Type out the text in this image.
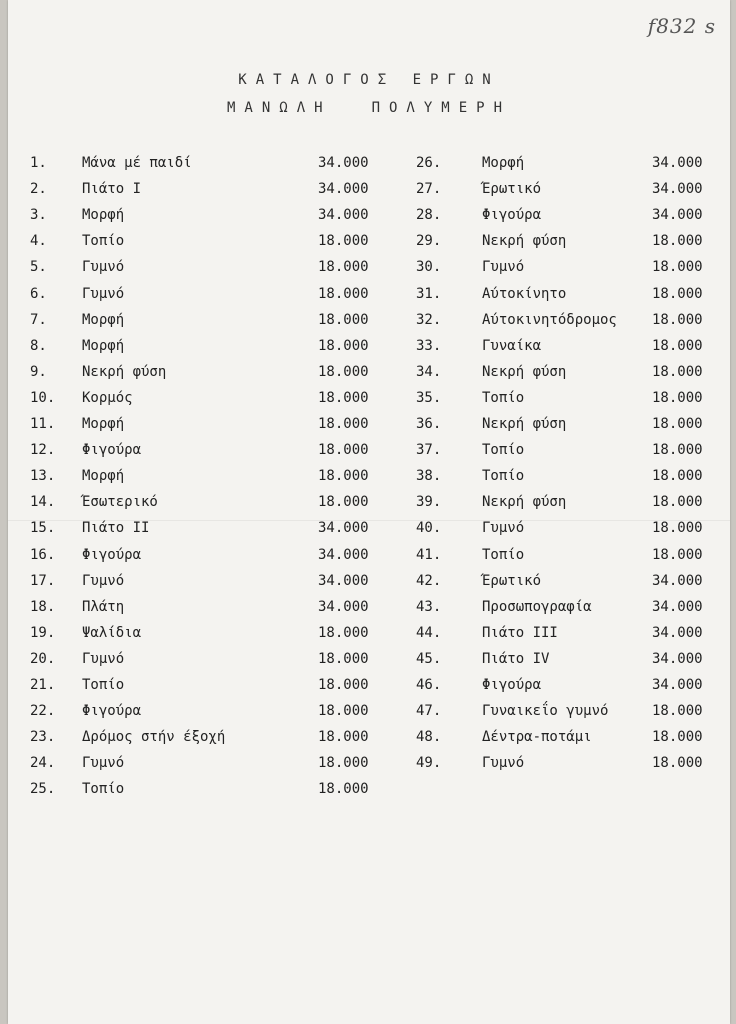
f832 s
ΚΑΤΑΛΟΓΟΣ ΕΡΓΩΝ
ΜΑΝΩΛΗ	ΠΟΛΥΜΕΡΗ
1.	Μάνα μέ παιδί	34.000
2.	Πιάτο Ι	34.000
3.	Μορφή	34.000
4.	Τοπίο	18.000
5.	Γυμνό	18.000
6.	Γυμνό	18.000
7.	Μορφή	18.000
8.	Μορφή	18.000
9.	Νεκρή φύση	18.000
10. Κορμός	18.000
11. Μορφή	18.000
12. Φιγούρα	18.000
13. Μορφή	18.000
14. Έσωτερικό	18.000
15. Πιάτο ΙΙ	34.000
16. Φιγούρα	34.000
17. Γυμνό	34.000
18. Πλάτη	34.000
19. Ψαλίδια	18.000
20. Γυμνό	18.000
21. Τοπίο	18.000
22. Φιγούρα	18.000
23. Δρόμος στήν έξοχή	18.000
24. Γυμνό	18.000
25. Τοπίο	18.000
26.	Μορφή	34.000
27.	Έρωτικό	34.000
28.	Φιγούρα	34.000
29.	Νεκρή φύση	18.000
30.	Γυμνό	18.000
31.	Αύτοκίνητο	18.000
32.	Αύτοκινητόδρομος	18.000
33.	Γυναίκα	18.000
34.	Νεκρή φύση	18.000
35.	Τοπίο	18.000
36.	Νεκρή φύση	18.000
37.	Τοπίο	18.000
38.	Τοπίο	18.000
39.	Νεκρή φύση	18.000
40.	Γυμνό	18.000
41.	Τοπίο	18.000
42.	Έρωτικό	34.000
43.	Προσωπογραφία	34.000
44.	Πιάτο ΙΙΙ	34.000
45.	Πιάτο ΙV	34.000
46.	Φιγούρα	34.000
47.	Γυναικεΐο γυμνό	18.000
48.	Δέντρα-ποτάμι	18.000
49.	Γυμνό	18.000
